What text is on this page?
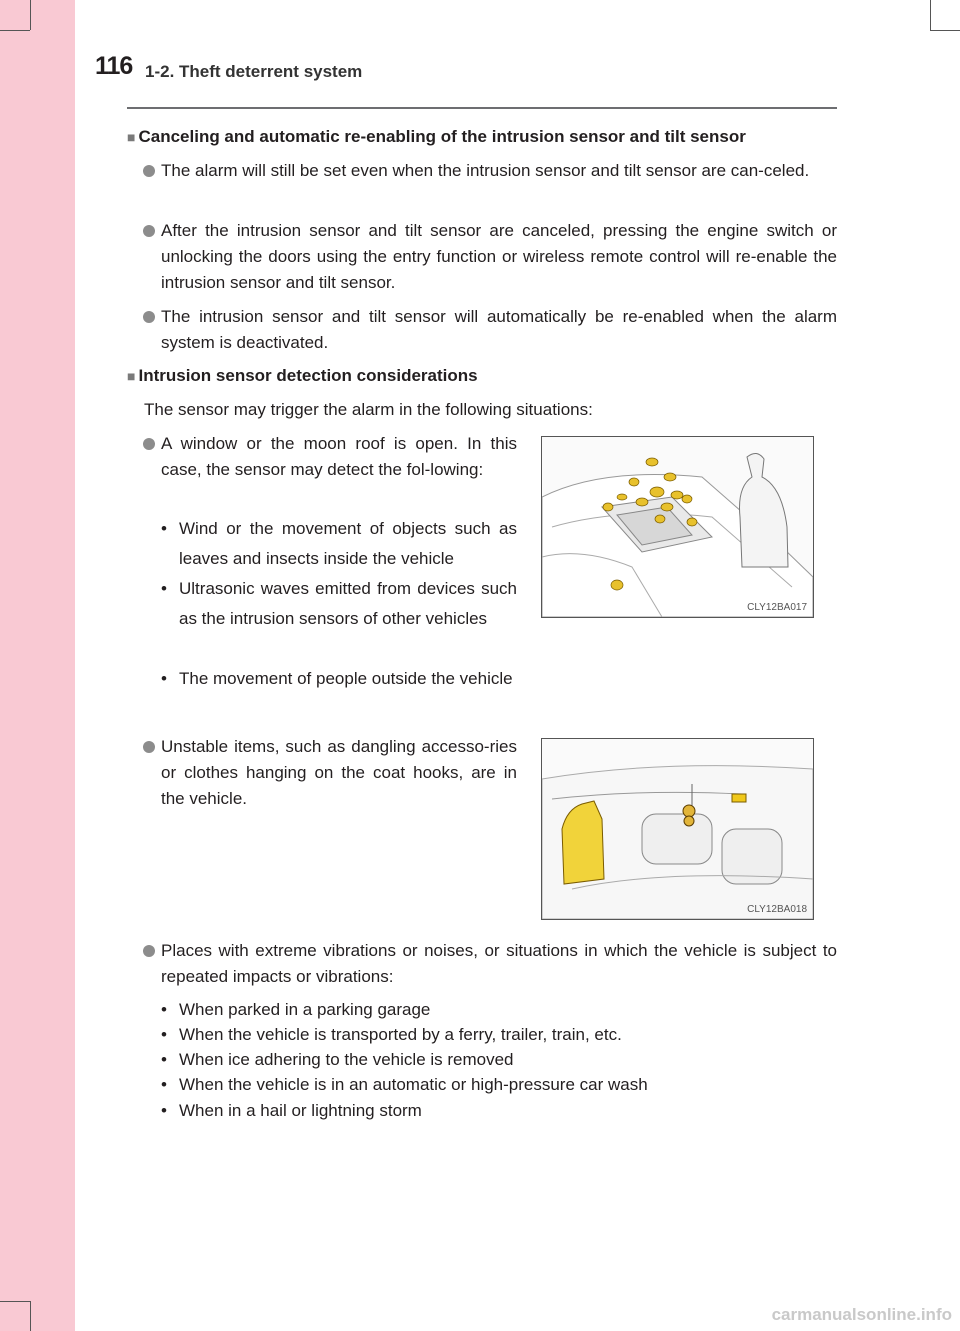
116 1-2. Theft deterrent system
■ Canceling and automatic re-enabling of the intrusion sensor and tilt sensor
The alarm will still be set even when the intrusion sensor and tilt sensor are can-celed.
After the intrusion sensor and tilt sensor are canceled, pressing the engine switch or unlocking the doors using the entry function or wireless remote control will re-enable the intrusion sensor and tilt sensor.
The intrusion sensor and tilt sensor will automatically be re-enabled when the alarm system is deactivated.
■ Intrusion sensor detection considerations
The sensor may trigger the alarm in the following situations:
A window or the moon roof is open. In this case, the sensor may detect the fol-lowing:
• Wind or the movement of objects such as leaves and insects inside the vehicle
• Ultrasonic waves emitted from devices such as the intrusion sensors of other vehicles
• The movement of people outside the vehicle
CLY12BA017
Unstable items, such as dangling accesso-ries or clothes hanging on the coat hooks, are in the vehicle.
CLY12BA018
Places with extreme vibrations or noises, or situations in which the vehicle is subject to repeated impacts or vibrations:
• When parked in a parking garage
• When the vehicle is transported by a ferry, trailer, train, etc.
• When ice adhering to the vehicle is removed
• When the vehicle is in an automatic or high-pressure car wash
• When in a hail or lightning storm
carmanualsonline.info
